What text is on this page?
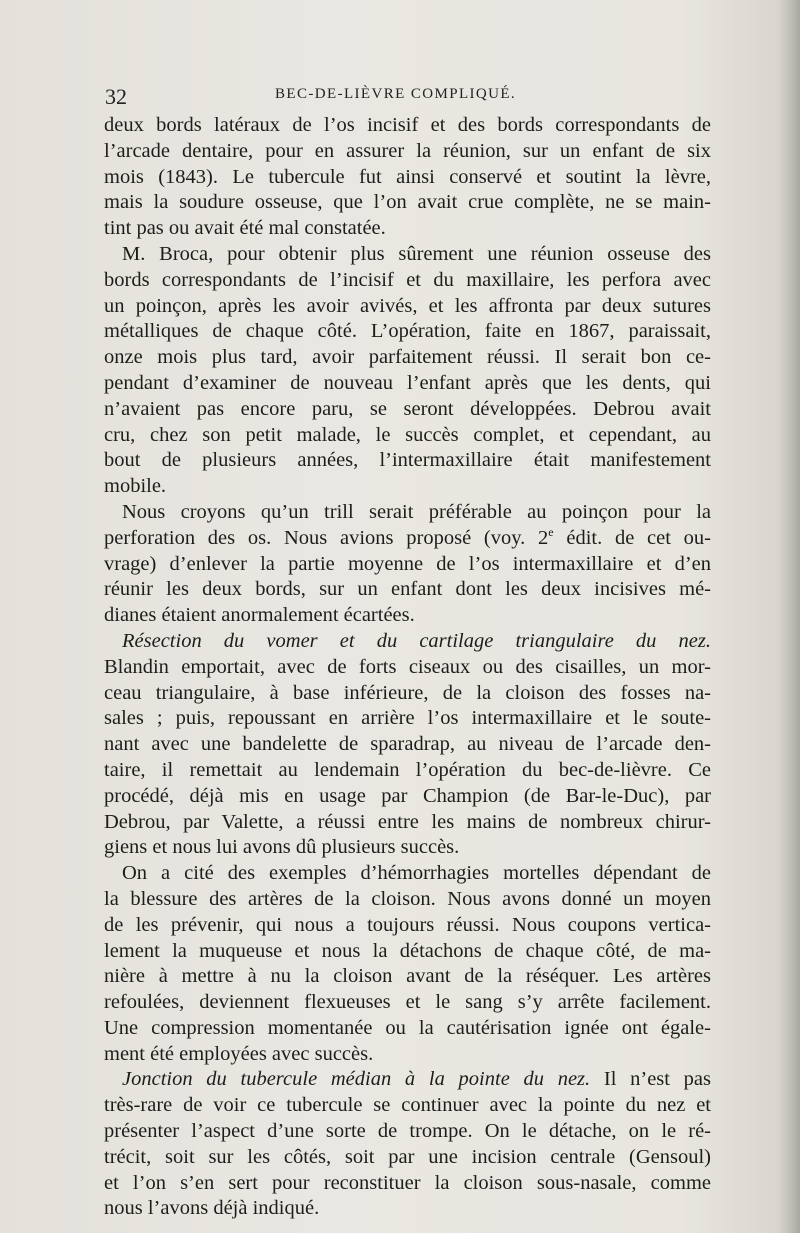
32	BEC-DE-LIÈVRE COMPLIQUÉ.
deux bords latéraux de l’os incisif et des bords correspondants de
l’arcade dentaire, pour en assurer la réunion, sur un enfant de six
mois (1843). Le tubercule fut ainsi conservé et soutint la lèvre,
mais la soudure osseuse, que l’on avait crue complète, ne se main-
tint pas ou avait été mal constatée.
M. Broca, pour obtenir plus sûrement une réunion osseuse des
bords correspondants de l’incisif et du maxillaire, les perfora avec
un poinçon, après les avoir avivés, et les affronta par deux sutures
métalliques de chaque côté. L’opération, faite en 1867, paraissait,
onze mois plus tard, avoir parfaitement réussi. Il serait bon ce-
pendant d’examiner de nouveau l’enfant après que les dents, qui
n’avaient pas encore paru, se seront développées. Debrou avait
cru, chez son petit malade, le succès complet, et cependant, au
bout de plusieurs années, l’intermaxillaire était manifestement
mobile.
Nous croyons qu’un trill serait préférable au poinçon pour la
perforation des os. Nous avions proposé (voy. 2e édit. de cet ou-
vrage) d’enlever la partie moyenne de l’os intermaxillaire et d’en
réunir les deux bords, sur un enfant dont les deux incisives mé-
dianes étaient anormalement écartées.
Résection du vomer et du cartilage triangulaire du nez.
Blandin emportait, avec de forts ciseaux ou des cisailles, un mor-
ceau triangulaire, à base inférieure, de la cloison des fosses na-
sales ; puis, repoussant en arrière l’os intermaxillaire et le soute-
nant avec une bandelette de sparadrap, au niveau de l’arcade den-
taire, il remettait au lendemain l’opération du bec-de-lièvre. Ce
procédé, déjà mis en usage par Champion (de Bar-le-Duc), par
Debrou, par Valette, a réussi entre les mains de nombreux chirur-
giens et nous lui avons dû plusieurs succès.
On a cité des exemples d’hémorrhagies mortelles dépendant de
la blessure des artères de la cloison. Nous avons donné un moyen
de les prévenir, qui nous a toujours réussi. Nous coupons vertica-
lement la muqueuse et nous la détachons de chaque côté, de ma-
nière à mettre à nu la cloison avant de la réséquer. Les artères
refoulées, deviennent flexueuses et le sang s’y arrête facilement.
Une compression momentanée ou la cautérisation ignée ont égale-
ment été employées avec succès.
Jonction du tubercule médian à la pointe du nez. Il n’est pas
très-rare de voir ce tubercule se continuer avec la pointe du nez et
présenter l’aspect d’une sorte de trompe. On le détache, on le ré-
trécit, soit sur les côtés, soit par une incision centrale (Gensoul)
et l’on s’en sert pour reconstituer la cloison sous-nasale, comme
nous l’avons déjà indiqué.
